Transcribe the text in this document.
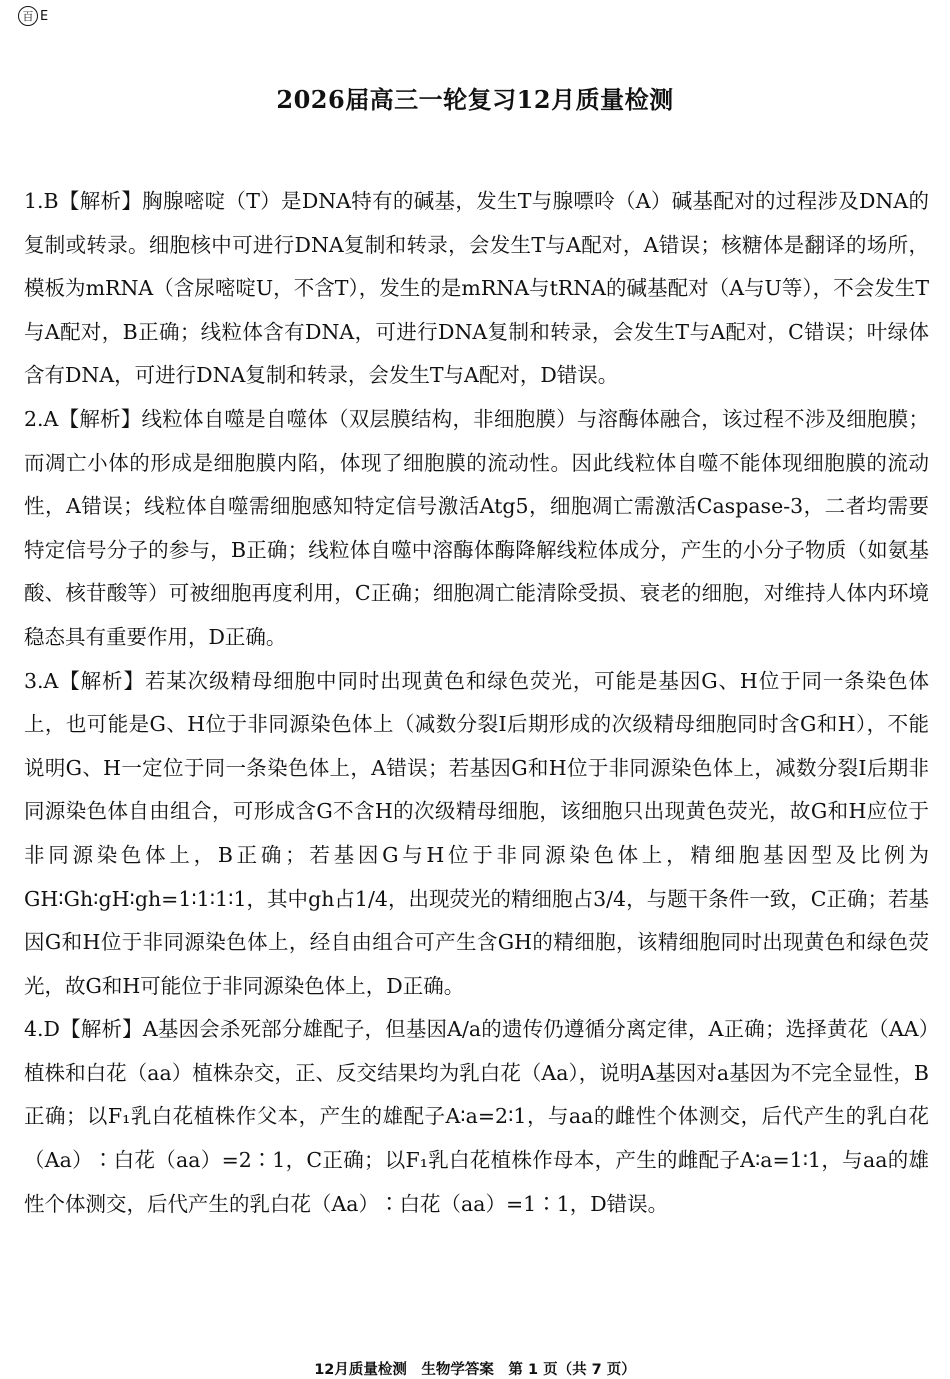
百 E
2026届高三一轮复习12月质量检测

1.B【解析】胸腺嘧啶（T）是DNA特有的碱基，发生T与腺嘌呤（A）碱基配对的过程涉及DNA的复制或转录。细胞核中可进行DNA复制和转录，会发生T与A配对，A错误；核糖体是翻译的场所，模板为mRNA（含尿嘧啶U，不含T），发生的是mRNA与tRNA的碱基配对（A与U等），不会发生T与A配对，B正确；线粒体含有DNA，可进行DNA复制和转录，会发生T与A配对，C错误；叶绿体含有DNA，可进行DNA复制和转录，会发生T与A配对，D错误。

2.A【解析】线粒体自噬是自噬体（双层膜结构，非细胞膜）与溶酶体融合，该过程不涉及细胞膜；而凋亡小体的形成是细胞膜内陷，体现了细胞膜的流动性。因此线粒体自噬不能体现细胞膜的流动性，A错误；线粒体自噬需细胞感知特定信号激活Atg5，细胞凋亡需激活Caspase-3，二者均需要特定信号分子的参与，B正确；线粒体自噬中溶酶体酶降解线粒体成分，产生的小分子物质（如氨基酸、核苷酸等）可被细胞再度利用，C正确；细胞凋亡能清除受损、衰老的细胞，对维持人体内环境稳态具有重要作用，D正确。

3.A【解析】若某次级精母细胞中同时出现黄色和绿色荧光，可能是基因G、H位于同一条染色体上，也可能是G、H位于非同源染色体上（减数分裂Ⅰ后期形成的次级精母细胞同时含G和H），不能说明G、H一定位于同一条染色体上，A错误；若基因G和H位于非同源染色体上，减数分裂Ⅰ后期非同源染色体自由组合，可形成含G不含H的次级精母细胞，该细胞只出现黄色荧光，故G和H应位于非同源染色体上，B正确；若基因G与H位于非同源染色体上，精细胞基因型及比例为GH∶Gh∶gH∶gh=1∶1∶1∶1，其中gh占1/4，出现荧光的精细胞占3/4，与题干条件一致，C正确；若基因G和H位于非同源染色体上，经自由组合可产生含GH的精细胞，该精细胞同时出现黄色和绿色荧光，故G和H可能位于非同源染色体上，D正确。

4.D【解析】A基因会杀死部分雄配子，但基因A/a的遗传仍遵循分离定律，A正确；选择黄花（AA）植株和白花（aa）植株杂交，正、反交结果均为乳白花（Aa），说明A基因对a基因为不完全显性，B正确；以F₁乳白花植株作父本，产生的雄配子A∶a=2∶1，与aa的雌性个体测交，后代产生的乳白花（Aa）∶白花（aa）=2∶1，C正确；以F₁乳白花植株作母本，产生的雌配子A∶a=1∶1，与aa的雄性个体测交，后代产生的乳白花（Aa）∶白花（aa）=1∶1，D错误。

12月质量检测　生物学答案　第 1 页（共 7 页）
